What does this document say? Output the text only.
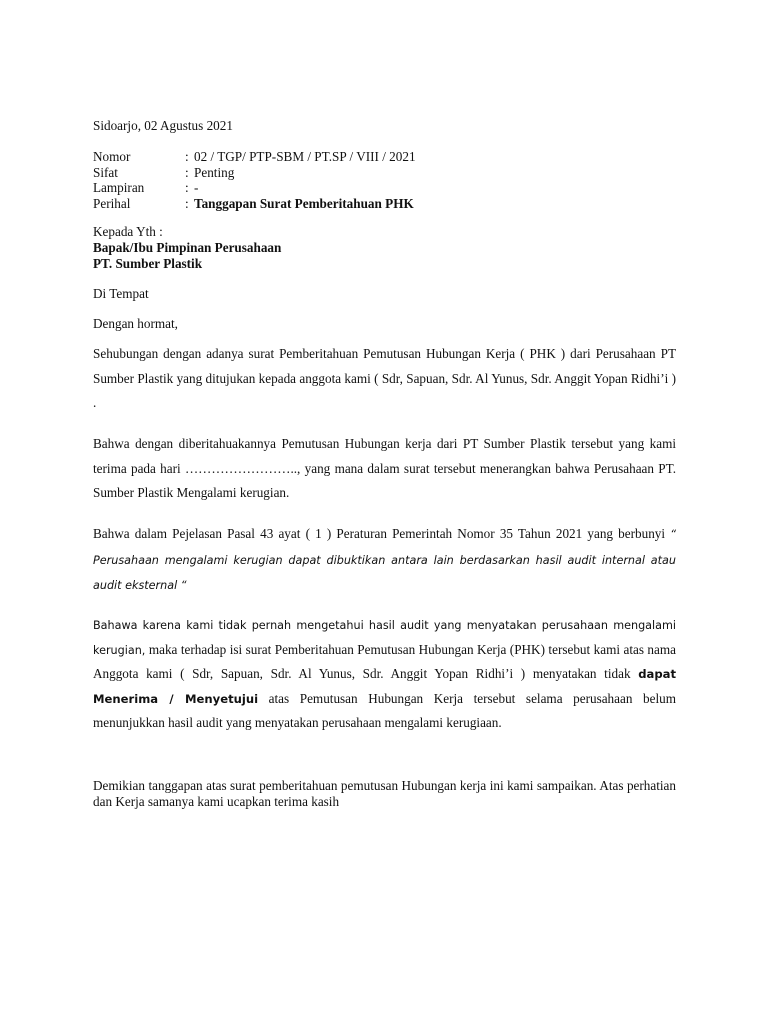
Sidoarjo, 02 Agustus 2021
Nomor	: 02 / TGP/ PTP-SBM / PT.SP / VIII / 2021
Sifat	: Penting
Lampiran	: -
Perihal	: Tanggapan Surat Pemberitahuan PHK
Kepada Yth :
Bapak/Ibu Pimpinan Perusahaan
PT. Sumber Plastik
Di Tempat
Dengan hormat,
Sehubungan dengan adanya surat Pemberitahuan Pemutusan Hubungan Kerja ( PHK ) dari Perusahaan PT Sumber Plastik yang ditujukan kepada anggota kami ( Sdr, Sapuan, Sdr. Al Yunus, Sdr. Anggit Yopan Ridhi’i ) .
Bahwa dengan diberitahuakannya Pemutusan Hubungan kerja dari PT Sumber Plastik tersebut yang kami terima pada hari …………………….., yang mana dalam surat tersebut menerangkan bahwa Perusahaan PT. Sumber Plastik Mengalami kerugian.
Bahwa dalam Pejelasan Pasal 43 ayat ( 1 ) Peraturan Pemerintah Nomor 35 Tahun 2021 yang berbunyi “ Perusahaan mengalami kerugian dapat dibuktikan antara lain berdasarkan hasil audit internal atau audit eksternal “
Bahawa karena kami tidak pernah mengetahui hasil audit yang menyatakan perusahaan mengalami kerugian, maka terhadap isi surat Pemberitahuan Pemutusan Hubungan Kerja (PHK) tersebut kami atas nama Anggota kami ( Sdr, Sapuan, Sdr. Al Yunus, Sdr. Anggit Yopan Ridhi’i ) menyatakan tidak dapat Menerima / Menyetujui atas Pemutusan Hubungan Kerja tersebut selama perusahaan belum menunjukkan hasil audit yang menyatakan perusahaan mengalami kerugiaan.
Demikian tanggapan atas surat pemberitahuan pemutusan Hubungan kerja ini kami sampaikan. Atas perhatian dan Kerja samanya kami ucapkan terima kasih
